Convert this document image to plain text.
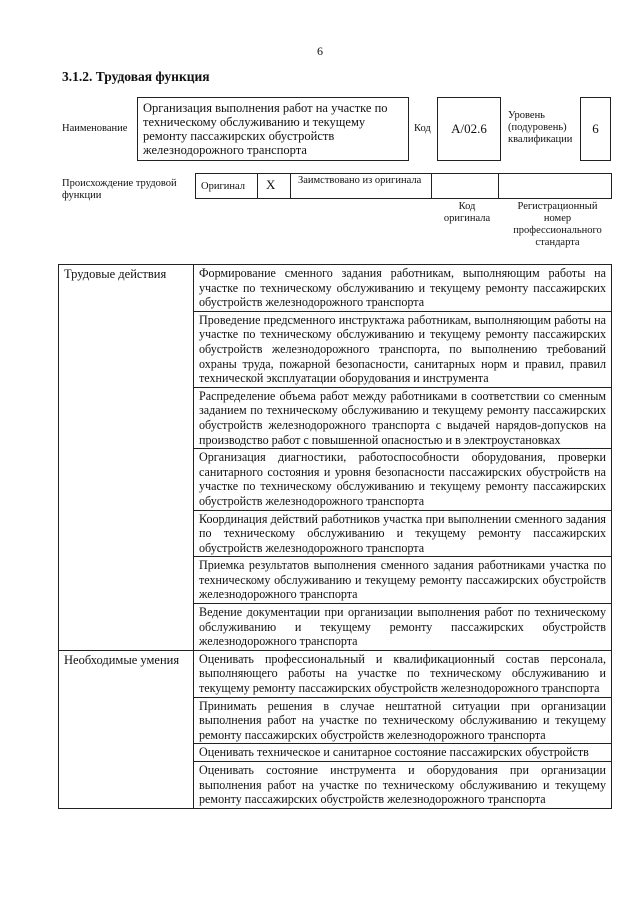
6
3.1.2. Трудовая функция
Наименование
Организация выполнения работ на участке по техническому обслуживанию и текущему ремонту пассажирских обустройств железнодорожного транспорта
Код	A/02.6
Уровень (подуровень) квалификации
6
Происхождение трудовой функции
Оригинал X Заимствовано из оригинала
Код оригинала
Регистрационный номер профессионального стандарта
Трудовые действия	Формирование сменного задания работникам, выполняющим работы на участке по техническому обслуживанию и текущему ремонту пассажирских обустройств железнодорожного транспорта
	Проведение предсменного инструктажа работникам, выполняющим работы на участке по техническому обслуживанию и текущему ремонту пассажирских обустройств железнодорожного транспорта, по выполнению требований охраны труда, пожарной безопасности, санитарных норм и правил, правил технической эксплуатации оборудования и инструмента
	Распределение объема работ между работниками в соответствии со сменным заданием по техническому обслуживанию и текущему ремонту пассажирских обустройств железнодорожного транспорта с выдачей нарядов-допусков на производство работ с повышенной опасностью и в электроустановках
	Организация диагностики, работоспособности оборудования, проверки санитарного состояния и уровня безопасности пассажирских обустройств на участке по техническому обслуживанию и текущему ремонту пассажирских обустройств железнодорожного транспорта
	Координация действий работников участка при выполнении сменного задания по техническому обслуживанию и текущему ремонту пассажирских обустройств железнодорожного транспорта
	Приемка результатов выполнения сменного задания работниками участка по техническому обслуживанию и текущему ремонту пассажирских обустройств железнодорожного транспорта
	Ведение документации при организации выполнения работ по техническому обслуживанию и текущему ремонту пассажирских обустройств железнодорожного транспорта
Необходимые умения	Оценивать профессиональный и квалификационный состав персонала, выполняющего работы на участке по техническому обслуживанию и текущему ремонту пассажирских обустройств железнодорожного транспорта
	Принимать решения в случае нештатной ситуации при организации выполнения работ на участке по техническому обслуживанию и текущему ремонту пассажирских обустройств железнодорожного транспорта
	Оценивать техническое и санитарное состояние пассажирских обустройств
	Оценивать состояние инструмента и оборудования при организации выполнения работ на участке по техническому обслуживанию и текущему ремонту пассажирских обустройств железнодорожного транспорта
